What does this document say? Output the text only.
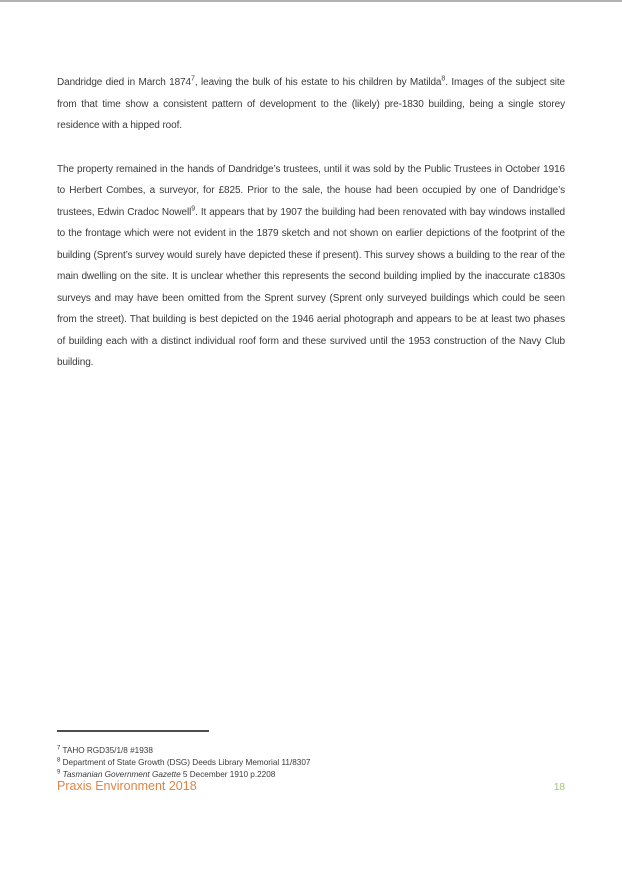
Dandridge died in March 1874$^7$, leaving the bulk of his estate to his children by Matilda$^8$. Images of the subject site from that time show a consistent pattern of development to the (likely) pre-1830 building, being a single storey residence with a hipped roof.

The property remained in the hands of Dandridge’s trustees, until it was sold by the Public Trustees in October 1916 to Herbert Combes, a surveyor, for £825. Prior to the sale, the house had been occupied by one of Dandridge’s trustees, Edwin Cradoc Nowell$^9$. It appears that by 1907 the building had been renovated with bay windows installed to the frontage which were not evident in the 1879 sketch and not shown on earlier depictions of the footprint of the building (Sprent’s survey would surely have depicted these if present). This survey shows a building to the rear of the main dwelling on the site. It is unclear whether this represents the second building implied by the inaccurate c1830s surveys and may have been omitted from the Sprent survey (Sprent only surveyed buildings which could be seen from the street). That building is best depicted on the 1946 aerial photograph and appears to be at least two phases of building each with a distinct individual roof form and these survived until the 1953 construction of the Navy Club building.

$^7$ TAHO RGD35/1/8 #1938
$^8$ Department of State Growth (DSG) Deeds Library Memorial 11/8307
$^9$ Tasmanian Government Gazette 5 December 1910 p.2208
Praxis Environment 2018	18
